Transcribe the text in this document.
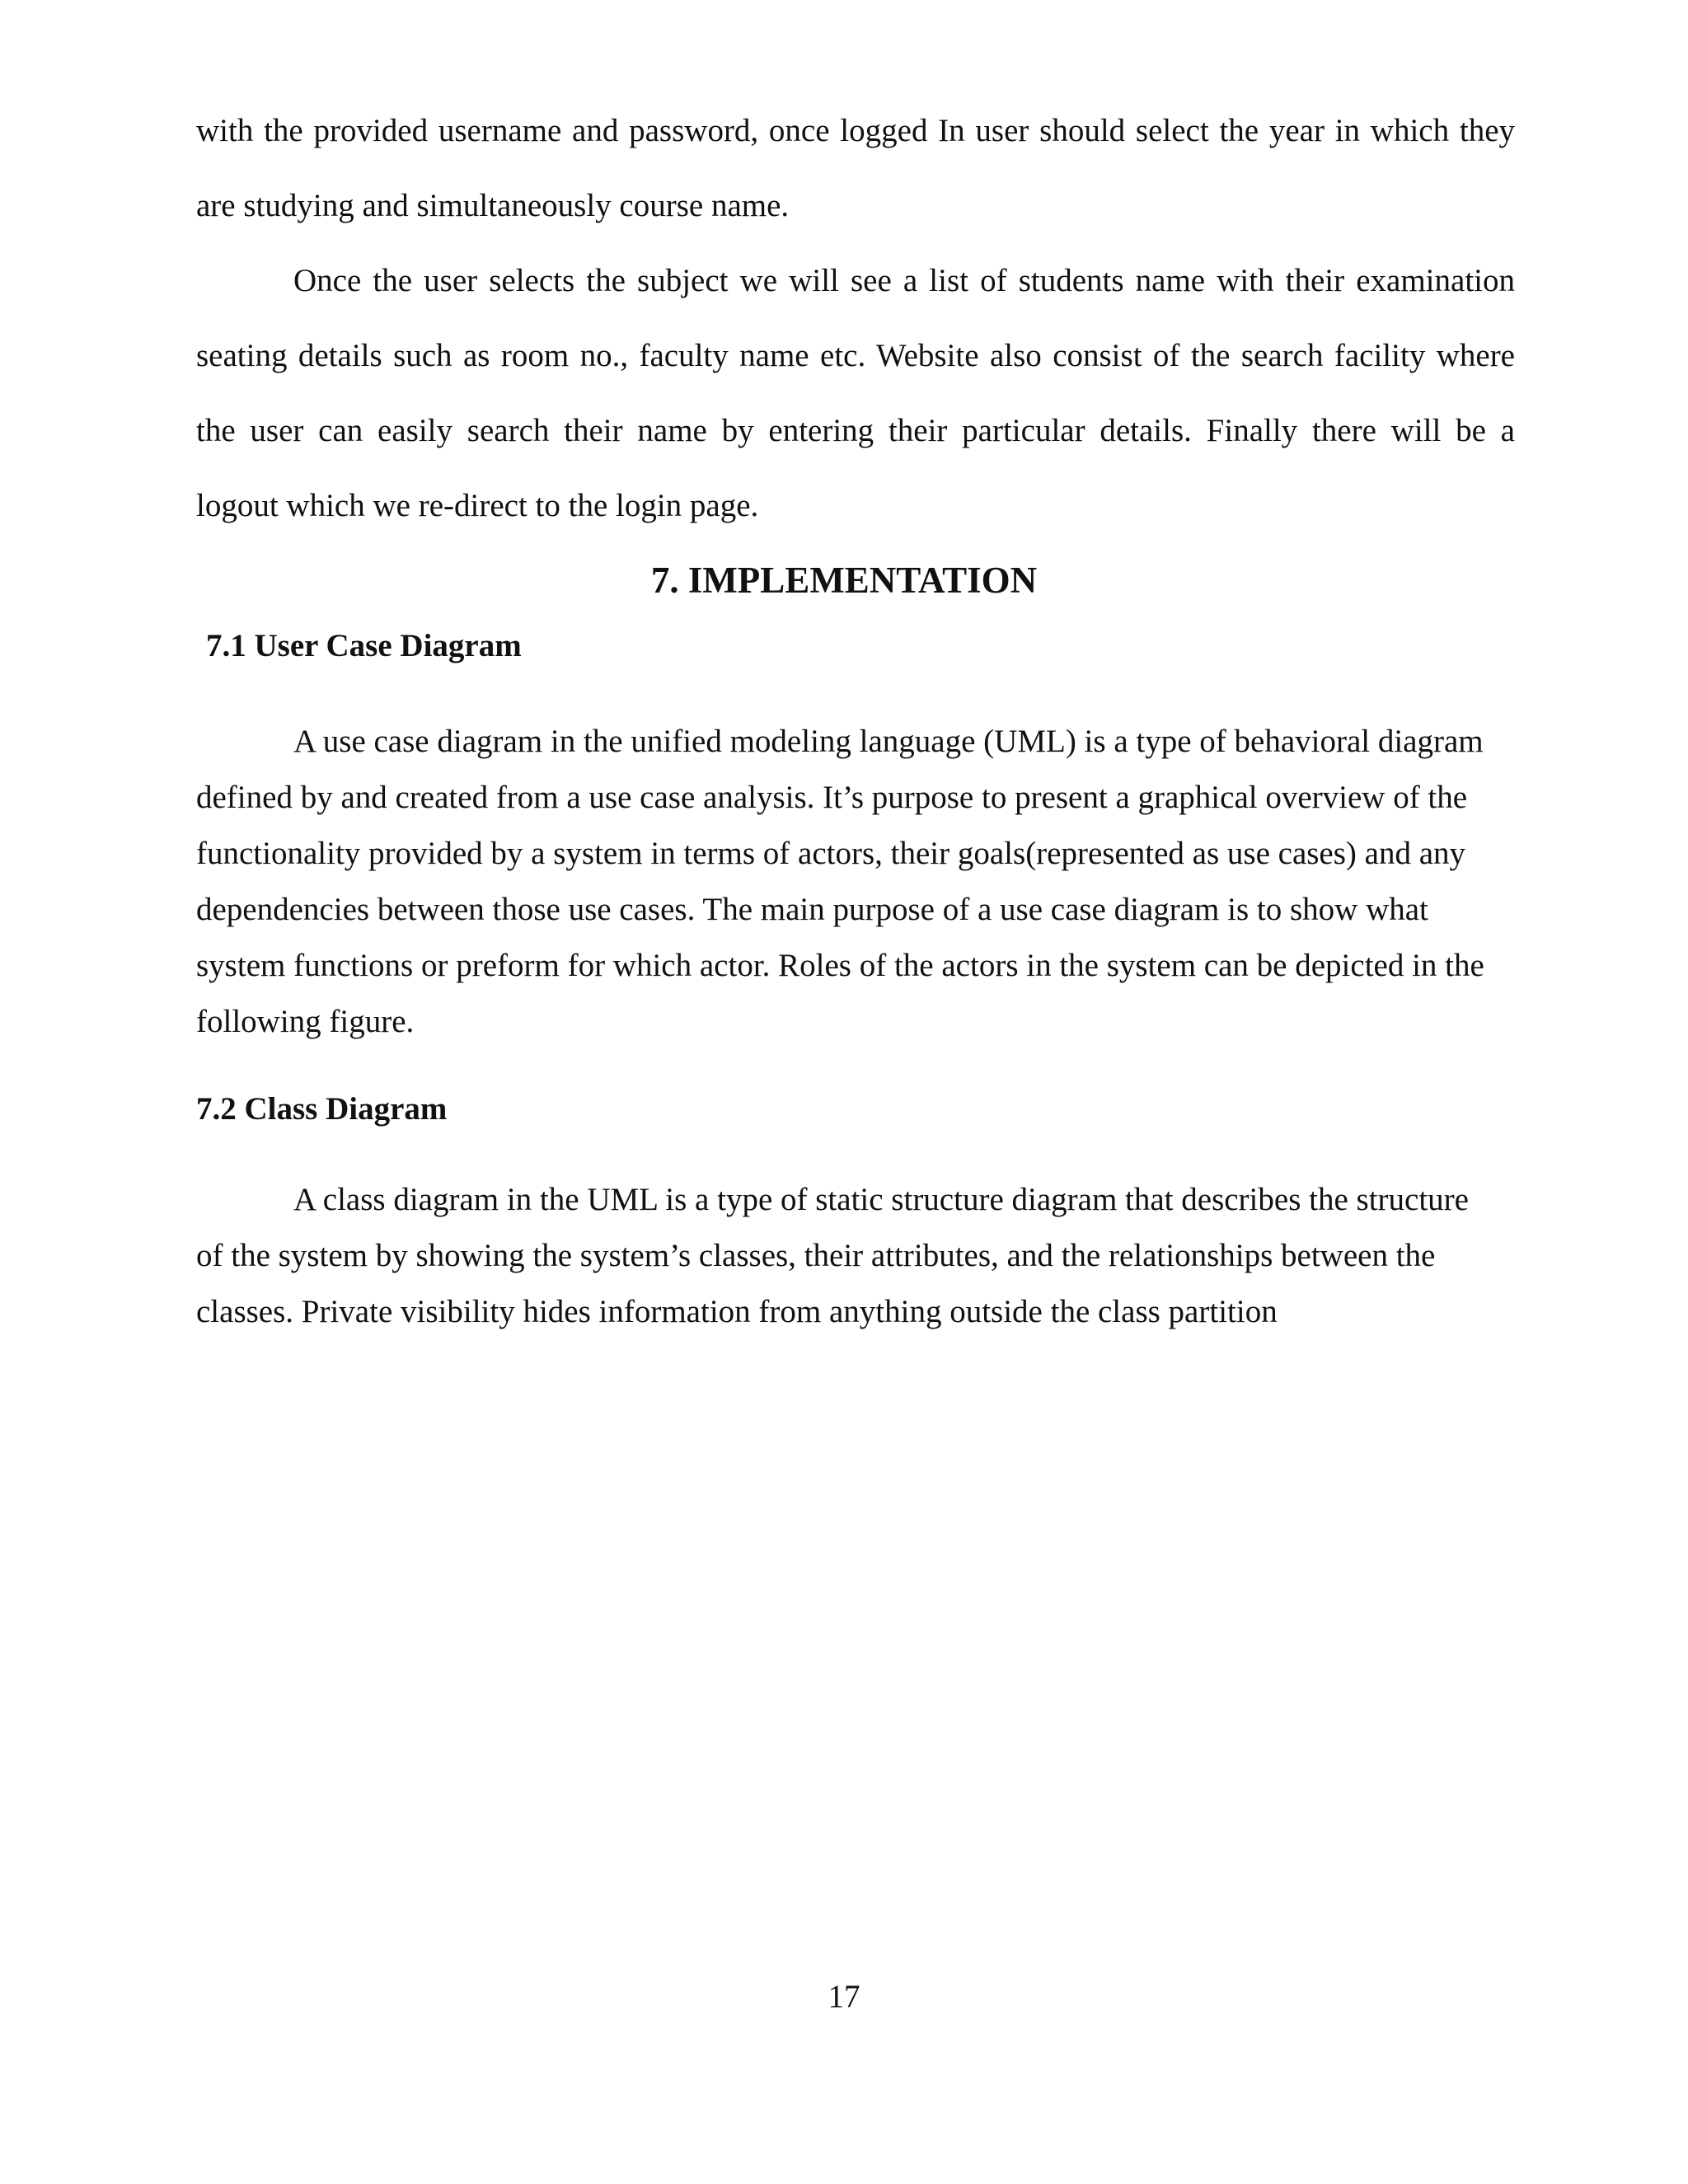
with the provided username and password, once logged In user should select the year in which they
are studying and simultaneously course name.
Once the user selects the subject we will see a list of students name with their examination
seating details such as room no., faculty name etc. Website also consist of the search facility where
the user can easily search their name by entering their particular details. Finally there will be a
logout which we re-direct to the login page.
7. IMPLEMENTATION
7.1 User Case Diagram
A use case diagram in the unified modeling language (UML) is a type of behavioral diagram
defined by and created from a use case analysis. It’s purpose to present a graphical overview of the
functionality provided by a system in terms of actors, their goals(represented as use cases) and any
dependencies between those use cases. The main purpose of a use case diagram is to show what
system functions or preform for which actor. Roles of the actors in the system can be depicted in the
following figure.
7.2 Class Diagram
A class diagram in the UML is a type of static structure diagram that describes the structure
of the system by showing the system’s classes, their attributes, and the relationships between the
classes. Private visibility hides information from anything outside the class partition
17
